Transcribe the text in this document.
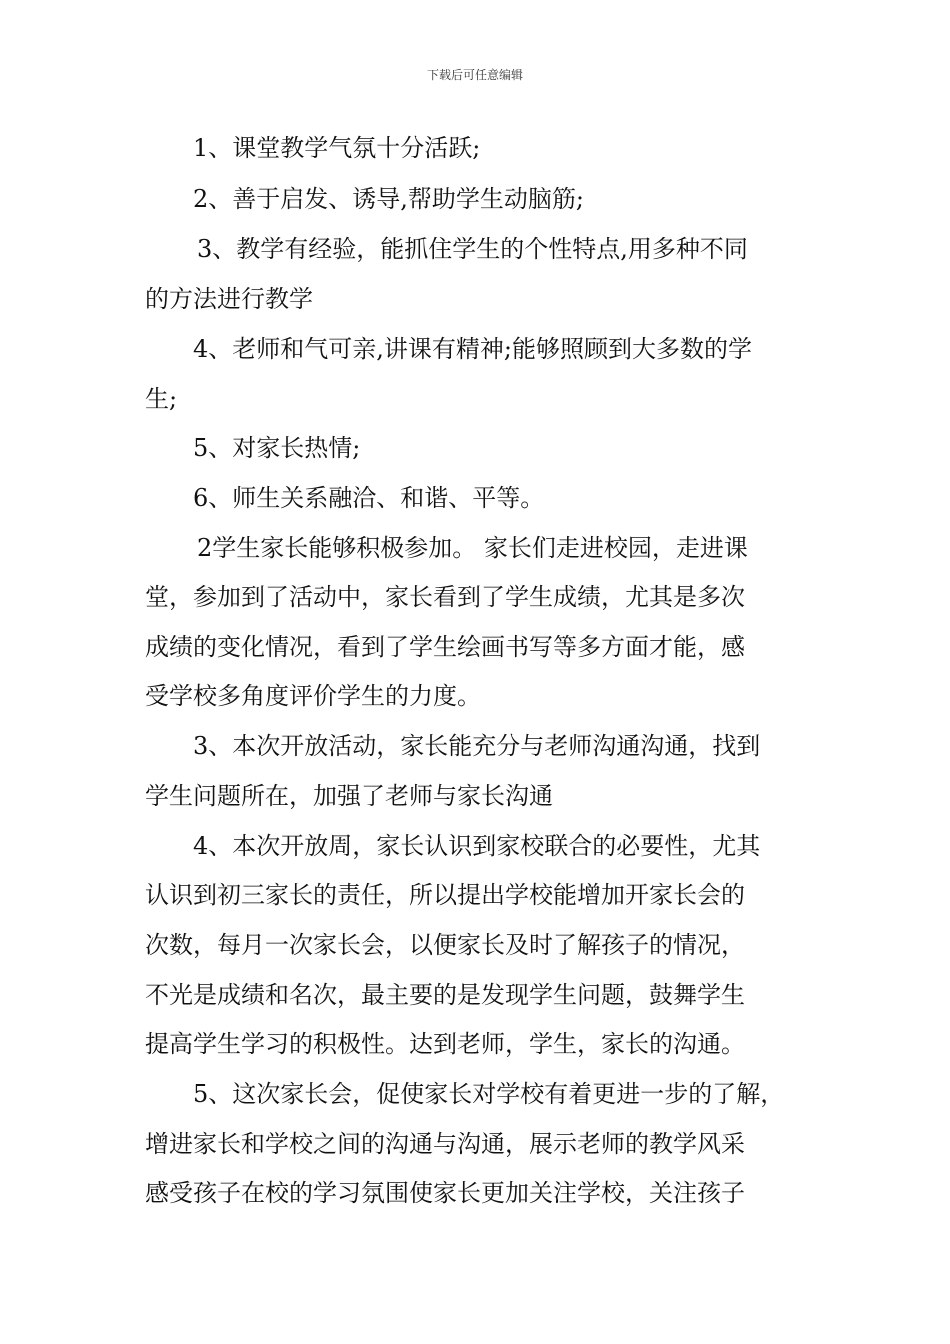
下载后可任意编辑
1、课堂教学气氛十分活跃;
2、善于启发、诱导,帮助学生动脑筋;
3、教学有经验，能抓住学生的个性特点,用多种不同
的方法进行教学
4、老师和气可亲,讲课有精神;能够照顾到大多数的学
生;
5、对家长热情;
6、师生关系融洽、和谐、平等。
2学生家长能够积极参加。 家长们走进校园，走进课
堂，参加到了活动中，家长看到了学生成绩，尤其是多次
成绩的变化情况，看到了学生绘画书写等多方面才能，感
受学校多角度评价学生的力度。
3、本次开放活动，家长能充分与老师沟通沟通，找到
学生问题所在，加强了老师与家长沟通
4、本次开放周，家长认识到家校联合的必要性，尤其
认识到初三家长的责任，所以提出学校能增加开家长会的
次数，每月一次家长会，以便家长及时了解孩子的情况，
不光是成绩和名次，最主要的是发现学生问题，鼓舞学生
提高学生学习的积极性。达到老师，学生，家长的沟通。
5、这次家长会，促使家长对学校有着更进一步的了解，
增进家长和学校之间的沟通与沟通，展示老师的教学风采
感受孩子在校的学习氛围使家长更加关注学校，关注孩子
